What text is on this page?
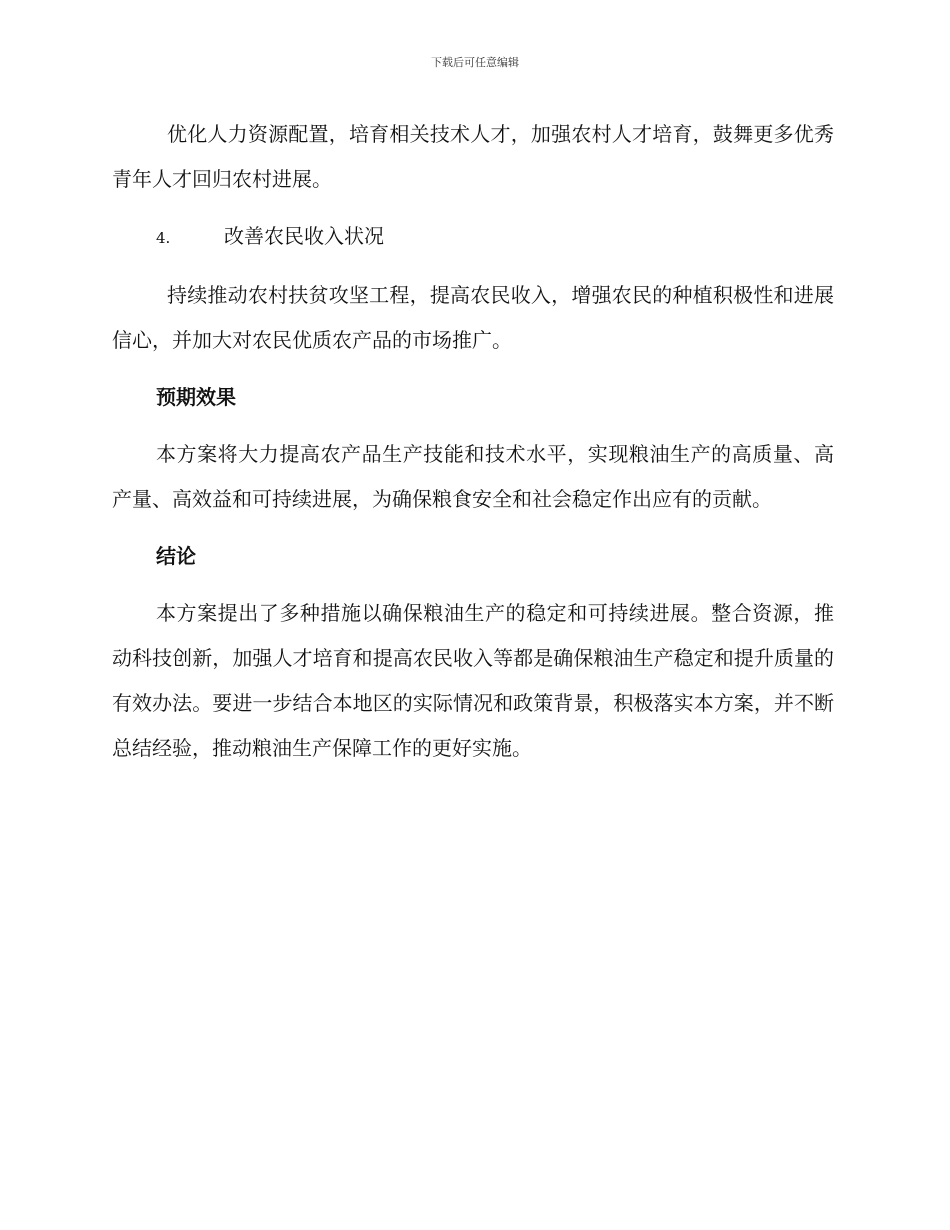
下载后可任意编辑

优化人力资源配置，培育相关技术人才，加强农村人才培育，鼓舞更多优秀青年人才回归农村进展。

4.	改善农民收入状况

持续推动农村扶贫攻坚工程，提高农民收入，增强农民的种植积极性和进展信心，并加大对农民优质农产品的市场推广。

预期效果

本方案将大力提高农产品生产技能和技术水平，实现粮油生产的高质量、高产量、高效益和可持续进展，为确保粮食安全和社会稳定作出应有的贡献。

结论

本方案提出了多种措施以确保粮油生产的稳定和可持续进展。整合资源，推动科技创新，加强人才培育和提高农民收入等都是确保粮油生产稳定和提升质量的有效办法。要进一步结合本地区的实际情况和政策背景，积极落实本方案，并不断总结经验，推动粮油生产保障工作的更好实施。
